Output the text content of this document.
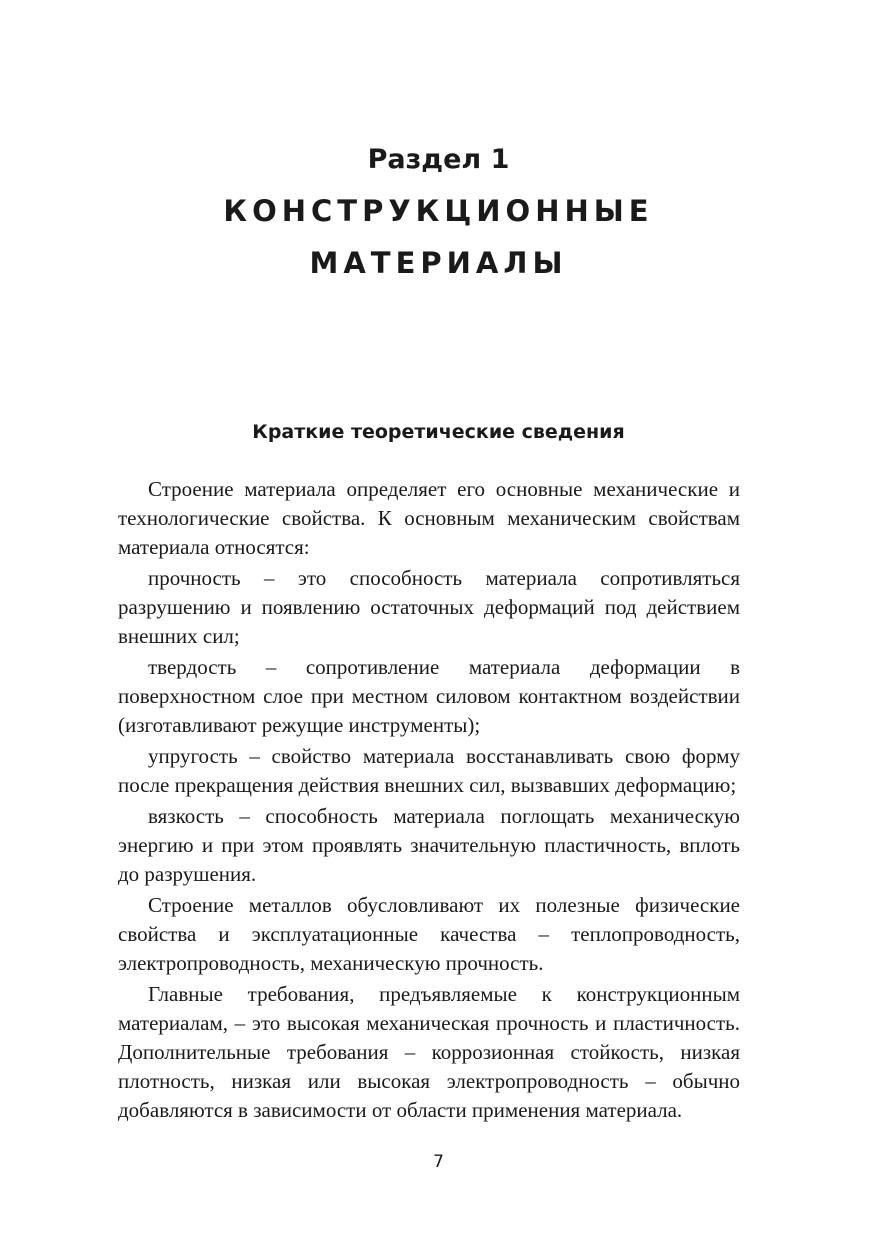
Раздел 1
КОНСТРУКЦИОННЫЕ
МАТЕРИАЛЫ
Краткие теоретические сведения
Строение материала определяет его основные механические и технологические свойства. К основным механическим свойствам материала относятся:
прочность – это способность материала сопротивляться разрушению и появлению остаточных деформаций под действием внешних сил;
твердость – сопротивление материала деформации в поверхностном слое при местном силовом контактном воздействии (изготавливают режущие инструменты);
упругость – свойство материала восстанавливать свою форму после прекращения действия внешних сил, вызвавших деформацию;
вязкость – способность материала поглощать механическую энергию и при этом проявлять значительную пластичность, вплоть до разрушения.
Строение металлов обусловливают их полезные физические свойства и эксплуатационные качества – теплопроводность, электропроводность, механическую прочность.
Главные требования, предъявляемые к конструкционным материалам, – это высокая механическая прочность и пластичность. Дополнительные требования – коррозионная стойкость, низкая плотность, низкая или высокая электропроводность – обычно добавляются в зависимости от области применения материала.
7
